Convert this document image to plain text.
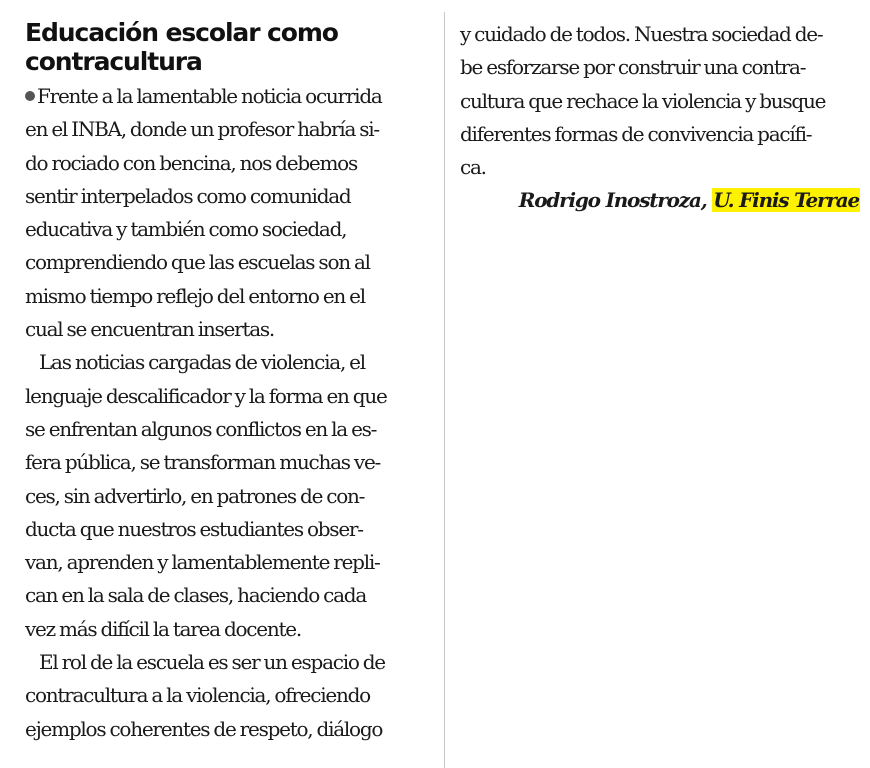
Educación escolar como contracultura

Frente a la lamentable noticia ocurrida
en el INBA, donde un profesor habría si-
do rociado con bencina, nos debemos
sentir interpelados como comunidad
educativa y también como sociedad,
comprendiendo que las escuelas son al
mismo tiempo reflejo del entorno en el
cual se encuentran insertas.

Las noticias cargadas de violencia, el
lenguaje descalificador y la forma en que
se enfrentan algunos conflictos en la es-
fera pública, se transforman muchas ve-
ces, sin advertirlo, en patrones de con-
ducta que nuestros estudiantes obser-
van, aprenden y lamentablemente repli-
can en la sala de clases, haciendo cada
vez más difícil la tarea docente.

El rol de la escuela es ser un espacio de
contracultura a la violencia, ofreciendo
ejemplos coherentes de respeto, diálogo

y cuidado de todos. Nuestra sociedad de-
be esforzarse por construir una contra-
cultura que rechace la violencia y busque
diferentes formas de convivencia pacífi-
ca.

Rodrigo Inostroza, U. Finis Terrae
